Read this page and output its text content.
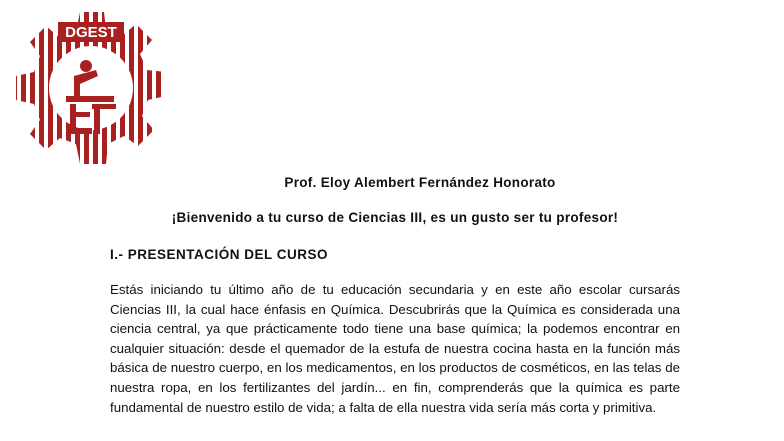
DGEST
Prof. Eloy Alembert Fernández Honorato
¡Bienvenido a tu curso de Ciencias III, es un gusto ser tu profesor!
I.- PRESENTACIÓN DEL CURSO
Estás iniciando tu último año de tu educación secundaria y en este año escolar cursarás Ciencias III, la cual hace énfasis en Química. Descubrirás que la Química es considerada una ciencia central, ya que prácticamente todo tiene una base química; la podemos encontrar en cualquier situación: desde el quemador de la estufa de nuestra cocina hasta en la función más básica de nuestro cuerpo, en los medicamentos, en los productos de cosméticos, en las telas de nuestra ropa, en los fertilizantes del jardín... en fin, comprenderás que la química es parte fundamental de nuestro estilo de vida; a falta de ella nuestra vida sería más corta y primitiva.
